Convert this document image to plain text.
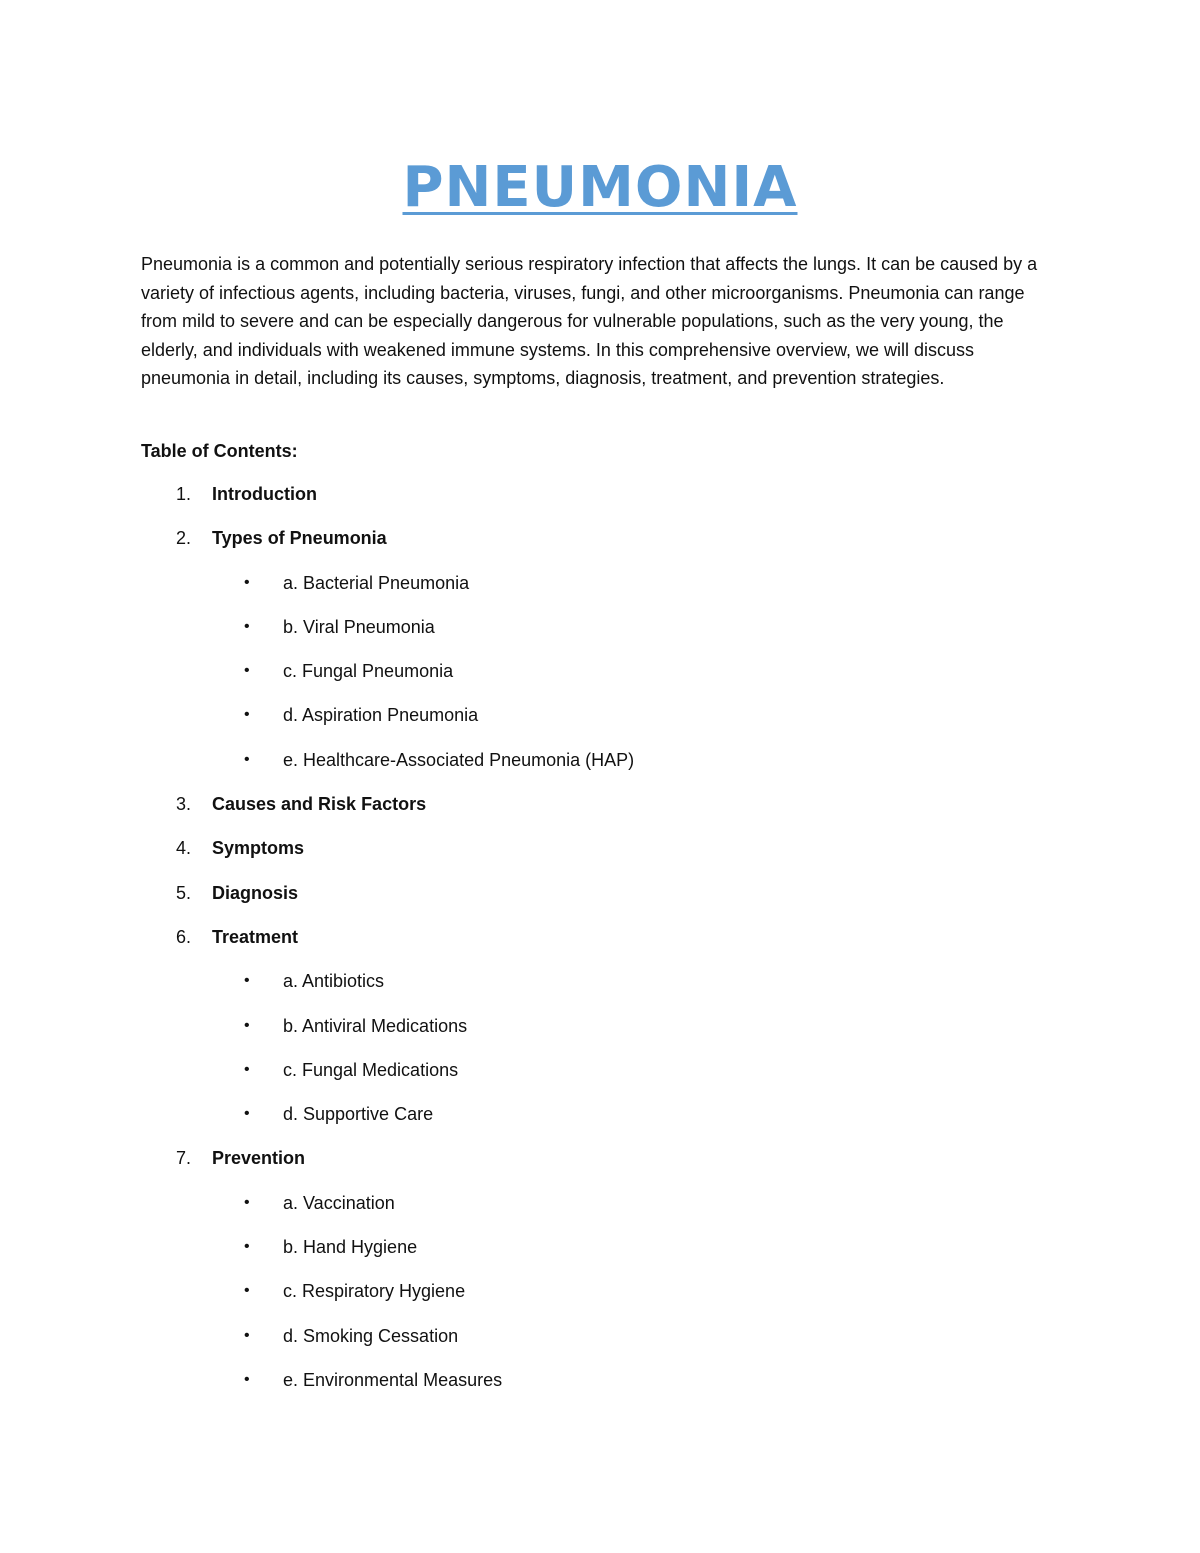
PNEUMONIA

Pneumonia is a common and potentially serious respiratory infection that affects the lungs. It can be caused by a variety of infectious agents, including bacteria, viruses, fungi, and other microorganisms. Pneumonia can range from mild to severe and can be especially dangerous for vulnerable populations, such as the very young, the elderly, and individuals with weakened immune systems. In this comprehensive overview, we will discuss pneumonia in detail, including its causes, symptoms, diagnosis, treatment, and prevention strategies.

Table of Contents:

1. Introduction
2. Types of Pneumonia
• a. Bacterial Pneumonia
• b. Viral Pneumonia
• c. Fungal Pneumonia
• d. Aspiration Pneumonia
• e. Healthcare-Associated Pneumonia (HAP)
3. Causes and Risk Factors
4. Symptoms
5. Diagnosis
6. Treatment
• a. Antibiotics
• b. Antiviral Medications
• c. Fungal Medications
• d. Supportive Care
7. Prevention
• a. Vaccination
• b. Hand Hygiene
• c. Respiratory Hygiene
• d. Smoking Cessation
• e. Environmental Measures
